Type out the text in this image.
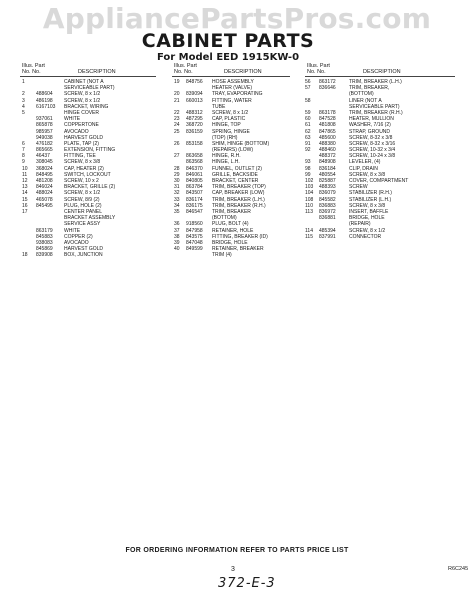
AppliancePartsPros.com
CABINET PARTS
For Model EED 1915KW-0
Illus. Part
No. No.	DESCRIPTION
1	CABINET (NOT A
SERVICEABLE PART)
2 488604 SCREW, 8 x 1/2
3 486198 SCREW, 8 x 1/2
4 6167103 BRACKET, WIRING
5	HINGE COVER
937061 WHITE
865878 COPPERTONE
985957 AVOCADO
949038 HARVEST GOLD
6 476182 PLATE, TAP (2)
7 865665 EXTENSION, FITTING
8 46437	FITTING, TEE
9 308045 SCREW, 8 x 3/8
10 368024 CAP, HEATER (2)
11 848495 SWITCH, LOCKOUT
12 481208 SCREW, 10 x 2
13 846024 BRACKET, GRILLE (2)
14 488024 SCREW, 8 x 1/2
15 465078 SCREW, 8/9 (2)
16 845495 PLUG, HOLE (2)
17	CENTER PANEL
BRACKET ASSEMBLY
SERVICE ASSY
863179 WHITE
845883 COPPER (2)
938083 AVOCADO
845869 HARVEST GOLD
18 839908 BOX, JUNCTION
Illus. Part
No. No.	DESCRIPTION
19 848756 HOSE ASSEMBLY
HEATER (VALVE)
20 839094 TRAY, EVAPORATING
21 660013 FITTING, WATER
TUBE
22 488312 SCREW, 8 x 1/2
23 487295 CAP, PLASTIC
24 368720 HINGE, TOP
25 836159 SPRING, HINGE
(TOP) (RH)
26 853158 SHIM, HINGE (BOTTOM)
(REPAIRS) (LOW)
27 863658 HINGE, R.H.
863568 HINGE, L.H.
28 846370 FUNNEL, OUTLET (2)
29 846061 GRILLE, BACKSIDE
30 840805 BRACKET, CENTER
31 863784 TRIM, BREAKER (TOP)
32 843507 CAP, BREAKER (LOW)
33 836174 TRIM, BREAKER (L.H.)
34 836175 TRIM, BREAKER (R.H.)
35 846547 TRIM, BREAKER
(BOTTOM)
36 918560 PLUG, BOLT (4)
37 847958 RETAINER, HOLE
38 843575 FITTING, BREAKER (ID)
39 847048 BRIDGE, HOLE
40 849599 RETAINER, BREAKER
TRIM (4)
Illus. Part
No. No.	DESCRIPTION
56 863172	TRIM, BREAKER (L.H.)
57 836646	TRIM, BREAKER,
(BOTTOM)
58	LINER (NOT A
SERVICEABLE PART)
59 863178	TRIM, BREAKER (R.H.)
60 847528	HEATER, MULLION
61 481808	WASHER, 7/16 (2)
62 847865	STRAP, GROUND
63 485600	SCREW, 8-32 x 3/8
91 488380	SCREW, 8-32 x 3/16
92 488460	SCREW, 10-32 x 3/4
488372	SCREW, 10-24 x 3/8
93 848908	LEVELER, (4)
98 836184	CLIP, DRAIN
99 480554	SCREW, 8 x 3/8
102 825887	COVER, COMPARTMENT
103 488393	SCREW
104 836079	STABILIZER (R.H.)
108 845582	STABILIZER (L.H.)
110 836883	SCREW, 8 x 3/8
113 836972	INSERT, BAFFLE
836881	BRIDGE, HOLE
(REPAIR)
114 485394	SCREW, 8 x 1/2
115 837991	CONNECTOR
FOR ORDERING INFORMATION REFER TO PARTS PRICE LIST
3	R6C245
372-E-3
